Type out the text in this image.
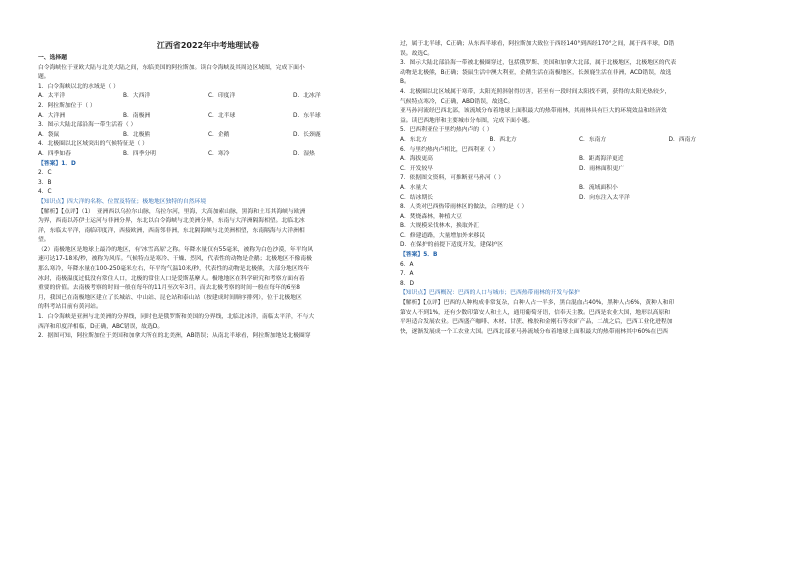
江西省2022年中考地理试卷

一、选择题

白令海峡位于亚欧大陆与北美大陆之间，东临美国的阿拉斯加。读白令海峡及其周边区域图，完成下面小

题。

1．白令海峡以北的水域是（ ）

A．太平洋	B．大西洋	C．印度洋	D．北冰洋

2．阿拉斯加位于（ ）

A．大洋洲	B．南极洲	C．北半球	D．东半球

3．图示大陆北部沿海一带生活着（ ）

A．袋鼠	B．北极熊	C．企鹅	D．长颈鹿

4．北极圈以北区域突出的气候特征是（ ）

A．四季如春	B．四季分明	C．寒冷	D．湿热

【答案】1．D

2．C

3．B

4．C

【知识点】四大洋的名称、位置及特征；极地地区独特的自然环境

【解析】【点评】（1）　亚洲西以乌拉尔山脉，乌拉尔河，里海，大高加索山脉，黑海和土耳其海峡与欧洲

为界，西南以苏伊士运河与非洲分界，东北以白令海峡与北美洲分界，东南与大洋洲隔海相望。北临北冰

洋，东临太平洋，南临印度洋，西接欧洲，西南邻非洲，东北隔海峡与北美洲相望，东南隔海与大洋洲相

望。

（2）南极地区是地球上最冷的地区，有'冰雪高原'之称。年降水量仅有55毫米，被称为白色沙漠，年平均风

速可达17-18米/秒，被称为风库。气候特点是寒冷、干燥、烈风，代表性的动物是企鹅；北极地区不像南极

那么寒冷，年降水量在100-250毫米左右，年平均气温10米/秒，代表性的动物是北极熊，大部分地区终年

冰封，南极温度过低没有常住人口，北极的常住人口是爱斯基摩人。极地地区在科学研究和考察方面有着

重要的价值。去南极考察的时间一般在每年的11月至次年3月，而去北极考察的时间一般在每年的6至8

月，我国已在南极地区建立了长城站、中山站、昆仑站和泰山站（按建成时间顺序排列），位于北极地区

的科考站目前有黄河站。

1．白令海峡是亚洲与北美洲的分界线，同时也是俄罗斯和美国的分界线，北临北冰洋，南临太平洋，不与大

西洋和印度洋相临，D正确，ABC错误，故选D。

2．据图可知，阿拉斯加位于美国和加拿大所在的北美洲，AB错误；从南北半球看，阿拉斯加地处北极圈穿

过，属于北半球，C正确；从东西半球看，阿拉斯加大致位于西经140°到西经170°之间，属于西半球，D错

误。故选C。

3．图示大陆北部沿海一带被北极圈穿过，包括俄罗斯、美国和加拿大北部，属于北极地区，北极地区的代表

动物是北极熊，B正确；袋鼠生活中澳大利亚，企鹅生活在南极地区，长颈鹿生活在非洲，ACD错误，故选

B。

4．北极圈以北区域属于寒带，太阳光照斜射得厉害，甚至有一段时间太阳找不到，获得的太阳光热较少，

气候特点寒冷，C正确，ABD错误，故选C。

亚马孙河流经巴西北部，该流域分布着地球上面积最大的热带雨林，其雨林具有巨大的环境效益和经济效

益。读巴西地形和主要城市分布图，完成下面小题。

5．巴西利亚位于里约热内卢的（ ）

A．东北方	B．西北方	C．东南方	D．西南方

6．与里约热内卢相比，巴西利亚（ ）

A．海拔更高	B．距离海洋更近
C．开发较早	D．雨林面积更广

7．依据图文资料，可推断亚马孙河（ ）

A．水量大	B．流域面积小
C．结冰期长	D．向东注入太平洋

8．人类对巴西热带雨林区的做法，合理的是（ ）

A．焚烧森林，种植大豆

B．大规模采伐林木，换取外汇

C．修建道路，大量增加外来移民

D．在保护的前提下适度开发，建保护区

【答案】5．B

6．A

7．A

8．D

【知识点】巴西概况：巴西的人口与城市；巴西热带雨林的开发与保护

【解析】【点评】巴西的人种构成非常复杂，白种人占一半多，黑白混血占40%，黑种人占6%，黄种人和印

第安人不到1%，还有少数印第安人和土人，通用葡萄牙语，信奉天主教。巴西是农业大国，地形以高原和

平坦适合发展农业。巴西盛产咖啡、木材、甘蔗、橡胶和金刚石等农矿产品，二战之后，巴西工业化进程加

快，逐渐发展成一个工农业大国。巴西北部亚马孙流域分布着地球上面积最大的热带雨林其中60%在巴西
